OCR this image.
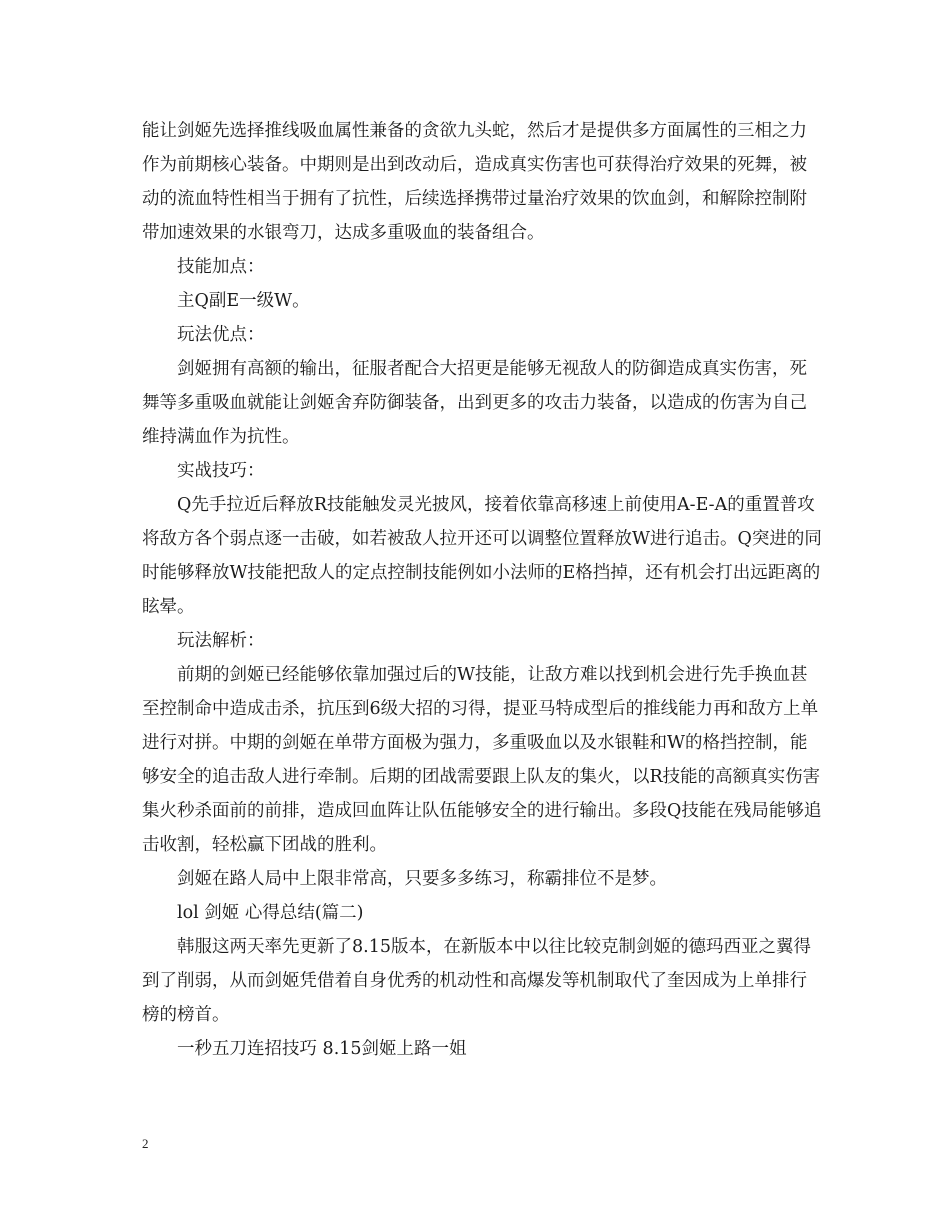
能让剑姬先选择推线吸血属性兼备的贪欲九头蛇，然后才是提供多方面属性的三相之力作为前期核心装备。中期则是出到改动后，造成真实伤害也可获得治疗效果的死舞，被动的流血特性相当于拥有了抗性，后续选择携带过量治疗效果的饮血剑，和解除控制附带加速效果的水银弯刀，达成多重吸血的装备组合。

技能加点：

主Q副E一级W。

玩法优点：

剑姬拥有高额的输出，征服者配合大招更是能够无视敌人的防御造成真实伤害，死舞等多重吸血就能让剑姬舍弃防御装备，出到更多的攻击力装备，以造成的伤害为自己维持满血作为抗性。

实战技巧：

Q先手拉近后释放R技能触发灵光披风，接着依靠高移速上前使用A-E-A的重置普攻将敌方各个弱点逐一击破，如若被敌人拉开还可以调整位置释放W进行追击。Q突进的同时能够释放W技能把敌人的定点控制技能例如小法师的E格挡掉，还有机会打出远距离的眩晕。

玩法解析：

前期的剑姬已经能够依靠加强过后的W技能，让敌方难以找到机会进行先手换血甚至控制命中造成击杀，抗压到6级大招的习得，提亚马特成型后的推线能力再和敌方上单进行对拼。中期的剑姬在单带方面极为强力，多重吸血以及水银鞋和W的格挡控制，能够安全的追击敌人进行牵制。后期的团战需要跟上队友的集火，以R技能的高额真实伤害集火秒杀面前的前排，造成回血阵让队伍能够安全的进行输出。多段Q技能在残局能够追击收割，轻松赢下团战的胜利。

剑姬在路人局中上限非常高，只要多多练习，称霸排位不是梦。

lol 剑姬 心得总结(篇二)

韩服这两天率先更新了8.15版本，在新版本中以往比较克制剑姬的德玛西亚之翼得到了削弱，从而剑姬凭借着自身优秀的机动性和高爆发等机制取代了奎因成为上单排行榜的榜首。

一秒五刀连招技巧 8.15剑姬上路一姐

2
